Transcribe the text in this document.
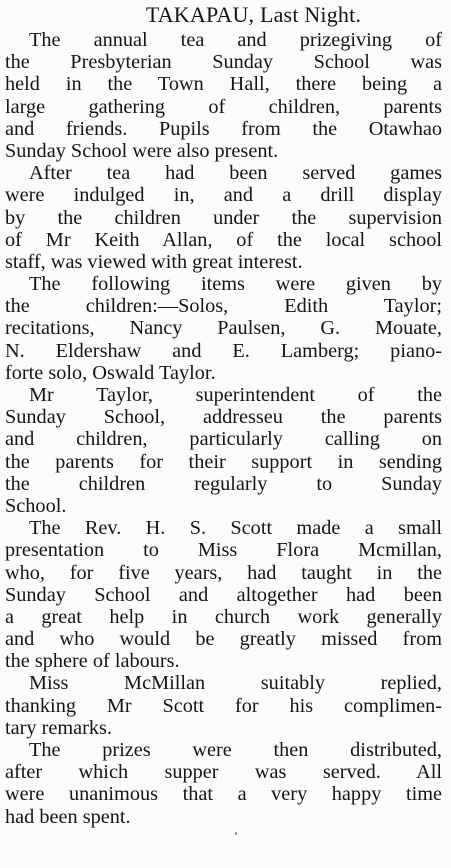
TAKAPAU, Last Night.
The annual tea and prizegiving of
the Presbyterian Sunday School was
held in the Town Hall, there being a
large gathering of children, parents
and friends. Pupils from the Otawhao
Sunday School were also present.
After tea had been served games
were indulged in, and a drill display
by the children under the supervision
of Mr Keith Allan, of the local school
staff, was viewed with great interest.
The following items were given by
the children:—Solos, Edith Taylor;
recitations, Nancy Paulsen, G. Mouate,
N. Eldershaw and E. Lamberg; piano-
forte solo, Oswald Taylor.
Mr Taylor, superintendent of the
Sunday School, addresseu the parents
and children, particularly calling on
the parents for their support in sending
the children regularly to Sunday
School.
The Rev. H. S. Scott made a small
presentation to Miss Flora Mcmillan,
who, for five years, had taught in the
Sunday School and altogether had been
a great help in church work generally
and who would be greatly missed from
the sphere of labours.
Miss McMillan suitably replied,
thanking Mr Scott for his complimen-
tary remarks.
The prizes were then distributed,
after which supper was served. All
were unanimous that a very happy time
had been spent.
